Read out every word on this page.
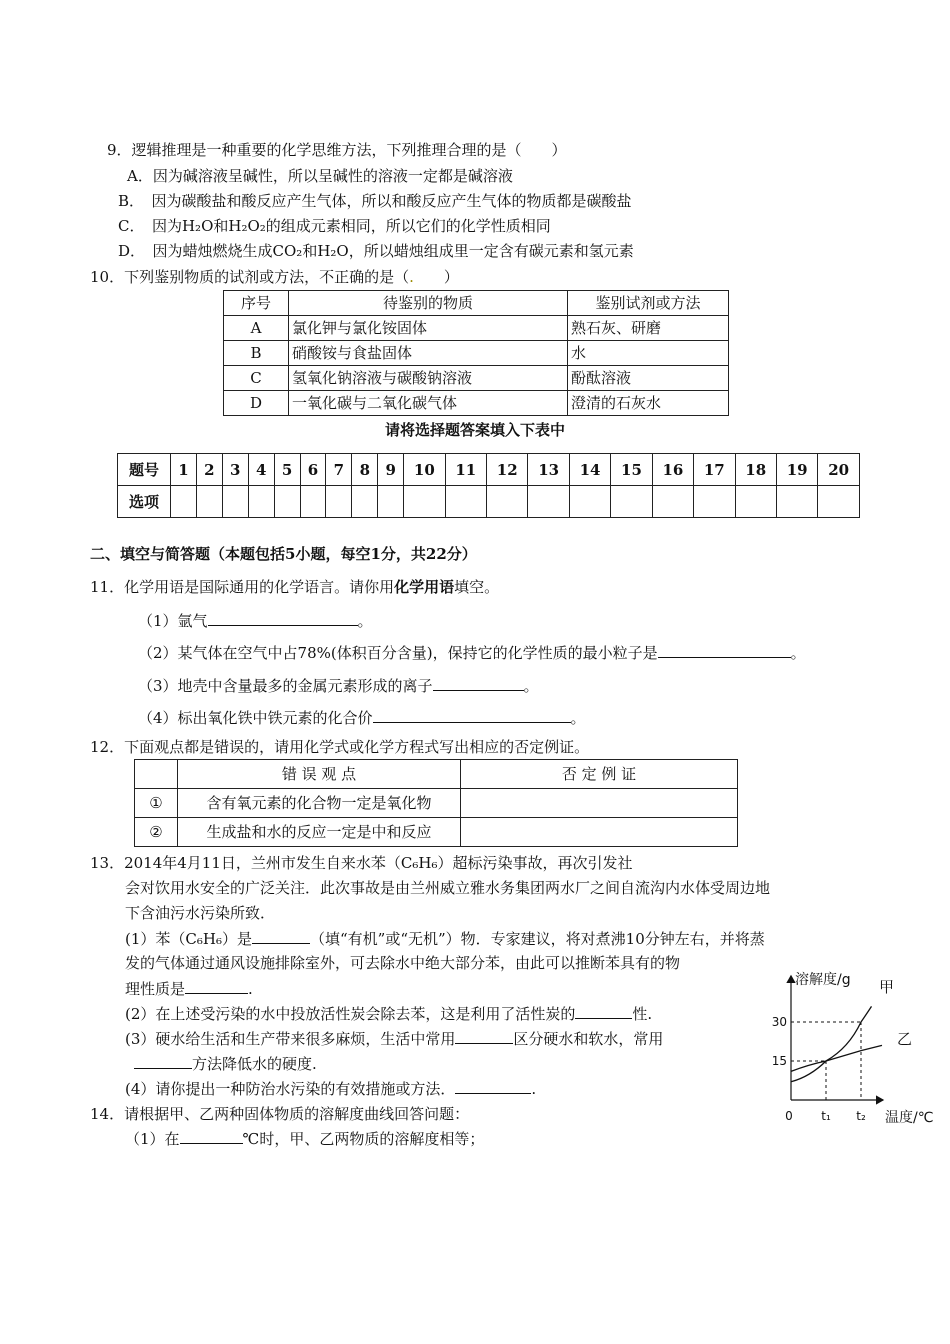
9．逻辑推理是一种重要的化学思维方法，下列推理合理的是（　　）
A．因为碱溶液呈碱性，所以呈碱性的溶液一定都是碱溶液
B．　因为碳酸盐和酸反应产生气体，所以和酸反应产生气体的物质都是碳酸盐
C．　因为H₂O和H₂O₂的组成元素相同，所以它们的化学性质相同
D．　因为蜡烛燃烧生成CO₂和H₂O，所以蜡烛组成里一定含有碳元素和氢元素
10．下列鉴别物质的试剂或方法，不正确的是（.　　）
序号	待鉴别的物质	鉴别试剂或方法
A	氯化钾与氯化铵固体	熟石灰、研磨
B	硝酸铵与食盐固体	水
C	氢氧化钠溶液与碳酸钠溶液	酚酞溶液
D	一氧化碳与二氧化碳气体	澄清的石灰水
请将选择题答案填入下表中
题号	1	2	3	4	5	6	7	8	9	10	11	12	13	14	15	16	17	18	19	20
选项																				
二、填空与简答题（本题包括5小题，每空1分，共22分）
11．化学用语是国际通用的化学语言。请你用化学用语填空。
（1）氩气	。
（2）某气体在空气中占78%(体积百分含量)，保持它的化学性质的最小粒子是	。
（3）地壳中含量最多的金属元素形成的离子	。
（4）标出氧化铁中铁元素的化合价	。
12．下面观点都是错误的，请用化学式或化学方程式写出相应的否定例证。
	错 误 观 点	否 定 例 证
①	含有氧元素的化合物一定是氧化物	
②	生成盐和水的反应一定是中和反应	
13．2014年4月11日，兰州市发生自来水苯（C₆H₆）超标污染事故，再次引发社
会对饮用水安全的广泛关注．此次事故是由兰州威立雅水务集团两水厂之间自流沟内水体受周边地
下含油污水污染所致．
(1）苯（C₆H₆）是	（填“有机”或“无机”）物．专家建议，将对煮沸10分钟左右，并将蒸
发的气体通过通风设施排除室外，可去除水中绝大部分苯，由此可以推断苯具有的物
理性质是	.
(2）在上述受污染的水中投放活性炭会除去苯，这是利用了活性炭的	性.
(3）硬水给生活和生产带来很多麻烦，生活中常用	区分硬水和软水，常用
方法降低水的硬度.
(4）请你提出一种防治水污染的有效措施或方法．	.
14．请根据甲、乙两种固体物质的溶解度曲线回答问题：
（1）在	℃时，甲、乙两物质的溶解度相等；
溶解度/g
温度/℃
0
15
30
t₁ t₂
甲
乙
